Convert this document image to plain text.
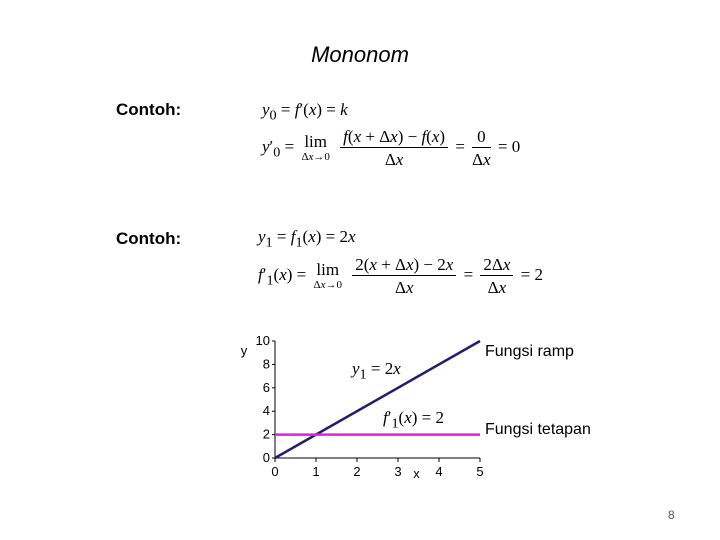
Mononom
Contoh:
Contoh:
$y_0 = f'(x) = k$
$y'_0 = \lim$
Δx→0
$\frac{f(x + \Delta x) - f(x)}{\Delta x} = \frac{0}{\Delta x} = 0$
$y_1 = f_1(x) = 2x$
$f'_1(x) = \lim$
Δx→0
$\frac{2(x + \Delta x) - 2x}{\Delta x} = \frac{2\Delta x}{\Delta x} = 2$
0
2
4
6
8
10
0	1	2	3	4	5
y
x
Fungsi ramp
Fungsi tetapan
$y_1 = 2x$
$f'_1(x) = 2$
8
